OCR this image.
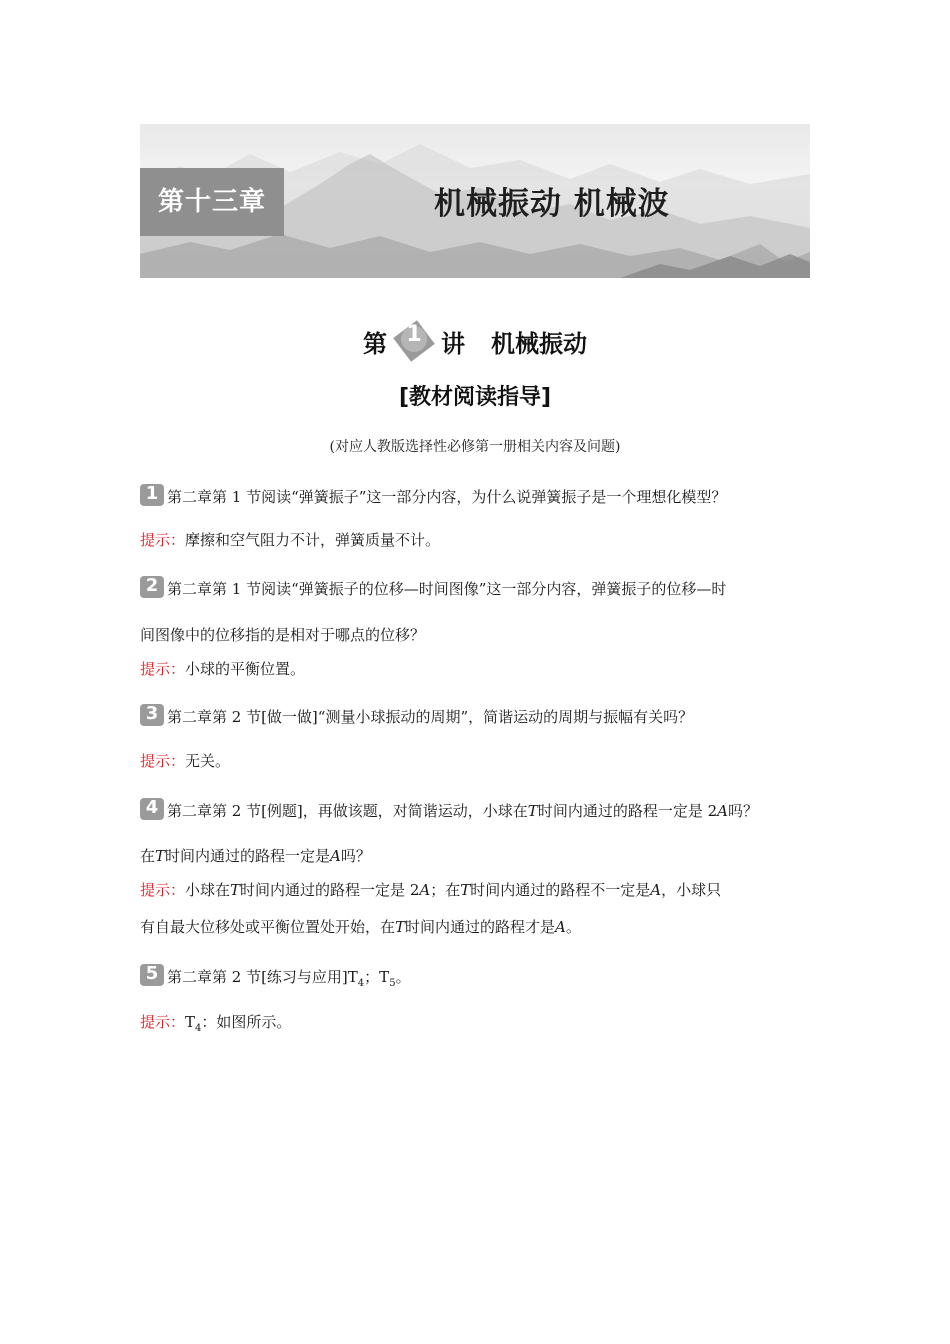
第十三章	机械振动 机械波
第 1 讲 机械振动
[教材阅读指导]
(对应人教版选择性必修第一册相关内容及问题)
1 第二章第 1 节阅读“弹簧振子”这一部分内容，为什么说弹簧振子是一个理想化模型？
提示：摩擦和空气阻力不计，弹簧质量不计。
2 第二章第 1 节阅读“弹簧振子的位移—时间图像”这一部分内容，弹簧振子的位移—时
间图像中的位移指的是相对于哪点的位移？
提示：小球的平衡位置。
3 第二章第 2 节[做一做]“测量小球振动的周期”，简谐运动的周期与振幅有关吗？
提示：无关。
4 第二章第 2 节[例题]，再做该题，对简谐运动，小球在T时间内通过的路程一定是 2A吗？
在T时间内通过的路程一定是A吗？
提示：小球在T时间内通过的路程一定是 2A；在T时间内通过的路程不一定是A，小球只
有自最大位移处或平衡位置处开始，在T时间内通过的路程才是A。
5 第二章第 2 节[练习与应用]$T_4$；$T_5$。
提示：$T_4$：如图所示。
